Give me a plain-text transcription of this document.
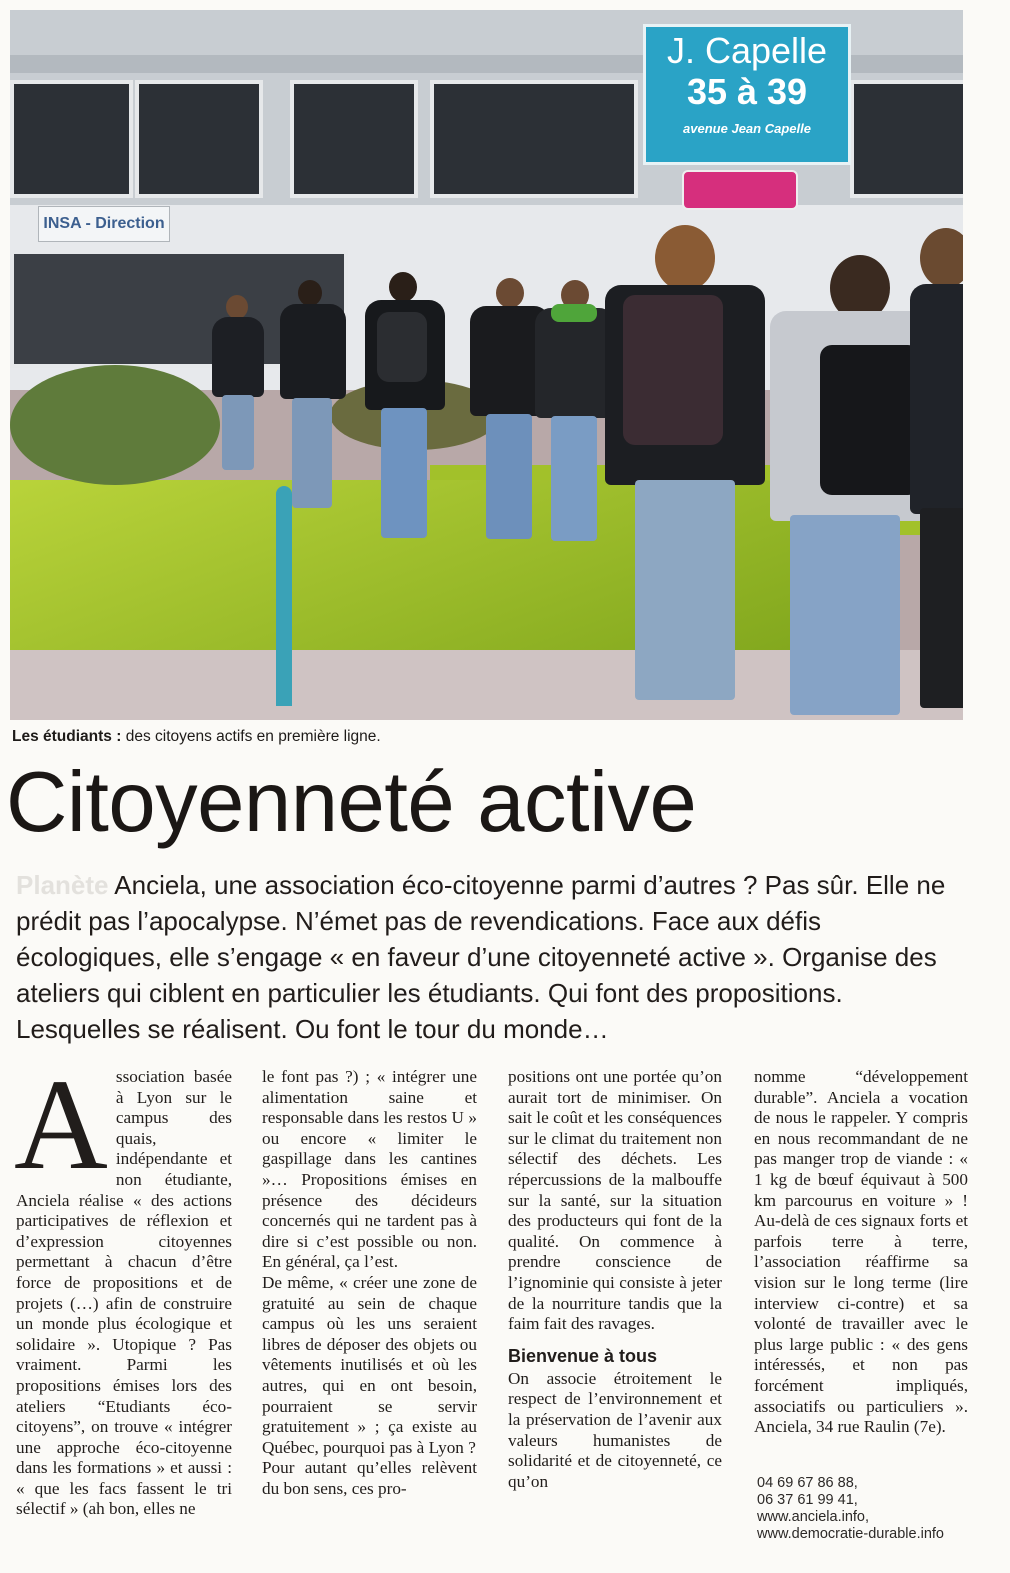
J. Capelle
35 à 39
avenue Jean Capelle
INSA - Direction
Les étudiants : des citoyens actifs en première ligne.
Citoyenneté active

Planète Anciela, une association éco-citoyenne parmi d’autres ? Pas sûr. Elle ne prédit pas l’apocalypse. N’émet pas de revendications. Face aux défis écologiques, elle s’engage « en faveur d’une citoyenneté active ». Organise des ateliers qui ciblent en particulier les étudiants. Qui font des propositions. Lesquelles se réalisent. Ou font le tour du monde…

Association basée à Lyon sur le campus des quais, indépendante et non étudiante, Anciela réalise « des actions participatives de réflexion et d’expression citoyennes permettant à chacun d’être force de propositions et de projets (…) afin de construire un monde plus écologique et solidaire ». Utopique ? Pas vraiment. Parmi les propositions émises lors des ateliers “Etudiants éco-citoyens”, on trouve « intégrer une approche éco-citoyenne dans les formations » et aussi : « que les facs fassent le tri sélectif » (ah bon, elles ne

le font pas ?) ; « intégrer une alimentation saine et responsable dans les restos U » ou encore « limiter le gaspillage dans les cantines »… Propositions émises en présence des décideurs concernés qui ne tardent pas à dire si c’est possible ou non. En général, ça l’est.

De même, « créer une zone de gratuité au sein de chaque campus où les uns seraient libres de déposer des objets ou vêtements inutilisés et où les autres, qui en ont besoin, pourraient se servir gratuitement » ; ça existe au Québec, pourquoi pas à Lyon ?

Pour autant qu’elles relèvent du bon sens, ces pro-

positions ont une portée qu’on aurait tort de minimiser. On sait le coût et les conséquences sur le climat du traitement non sélectif des déchets. Les répercussions de la malbouffe sur la santé, sur la situation des producteurs qui font de la qualité. On commence à prendre conscience de l’ignominie qui consiste à jeter de la nourriture tandis que la faim fait des ravages.

Bienvenue à tous

On associe étroitement le respect de l’environnement et la préservation de l’avenir aux valeurs humanistes de solidarité et de citoyenneté, ce qu’on

nomme “développement durable”. Anciela a vocation de nous le rappeler. Y compris en nous recommandant de ne pas manger trop de viande : « 1 kg de bœuf équivaut à 500 km parcourus en voiture » ! Au-delà de ces signaux forts et parfois terre à terre, l’association réaffirme sa vision sur le long terme (lire interview ci-contre) et sa volonté de travailler avec le plus large public : « des gens intéressés, et non pas forcément impliqués, associatifs ou particuliers ». Anciela, 34 rue Raulin (7e).

04 69 67 86 88,
06 37 61 99 41,
www.anciela.info,
www.democratie-durable.info
